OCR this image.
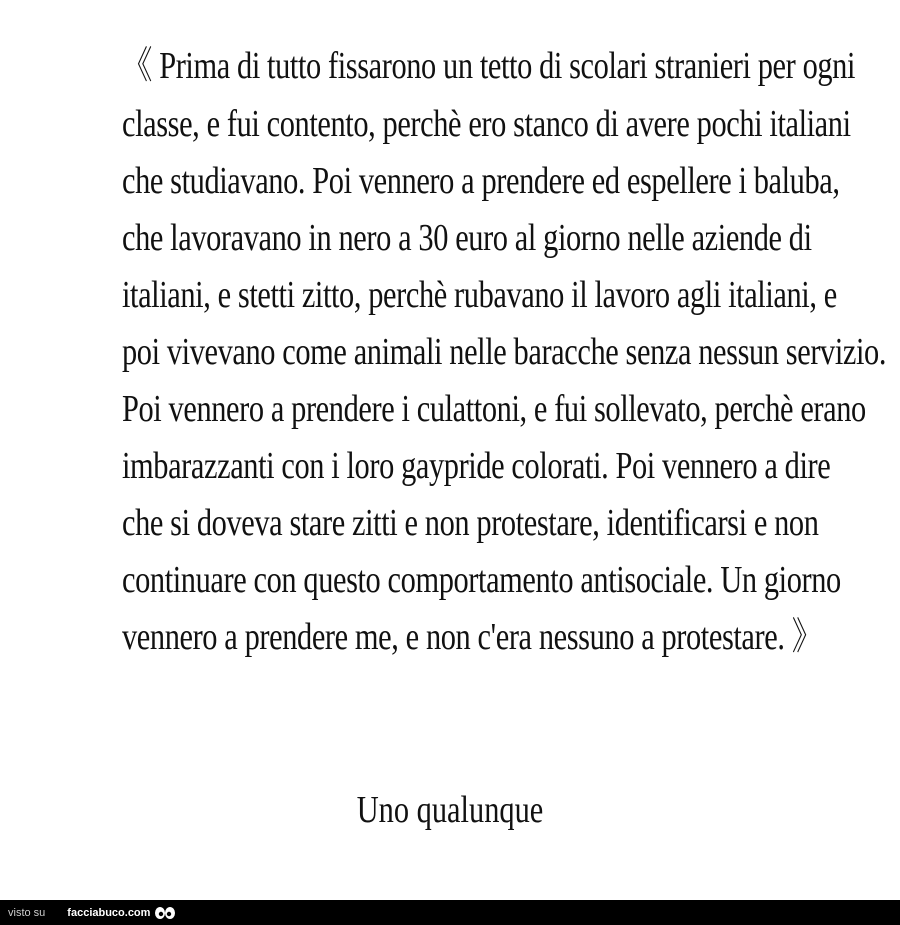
《 Prima di tutto fissarono un tetto di scolari stranieri per ogni
classe, e fui contento, perchè ero stanco di avere pochi italiani
che studiavano. Poi vennero a prendere ed espellere i baluba,
che lavoravano in nero a 30 euro al giorno nelle aziende di
italiani, e stetti zitto, perchè rubavano il lavoro agli italiani, e
poi vivevano come animali nelle baracche senza nessun servizio.
Poi vennero a prendere i culattoni, e fui sollevato, perchè erano
imbarazzanti con i loro gaypride colorati. Poi vennero a dire
che si doveva stare zitti e non protestare, identificarsi e non
continuare con questo comportamento antisociale. Un giorno
vennero a prendere me, e non c'era nessuno a protestare. 》
Uno qualunque
visto su facciabuco.com
